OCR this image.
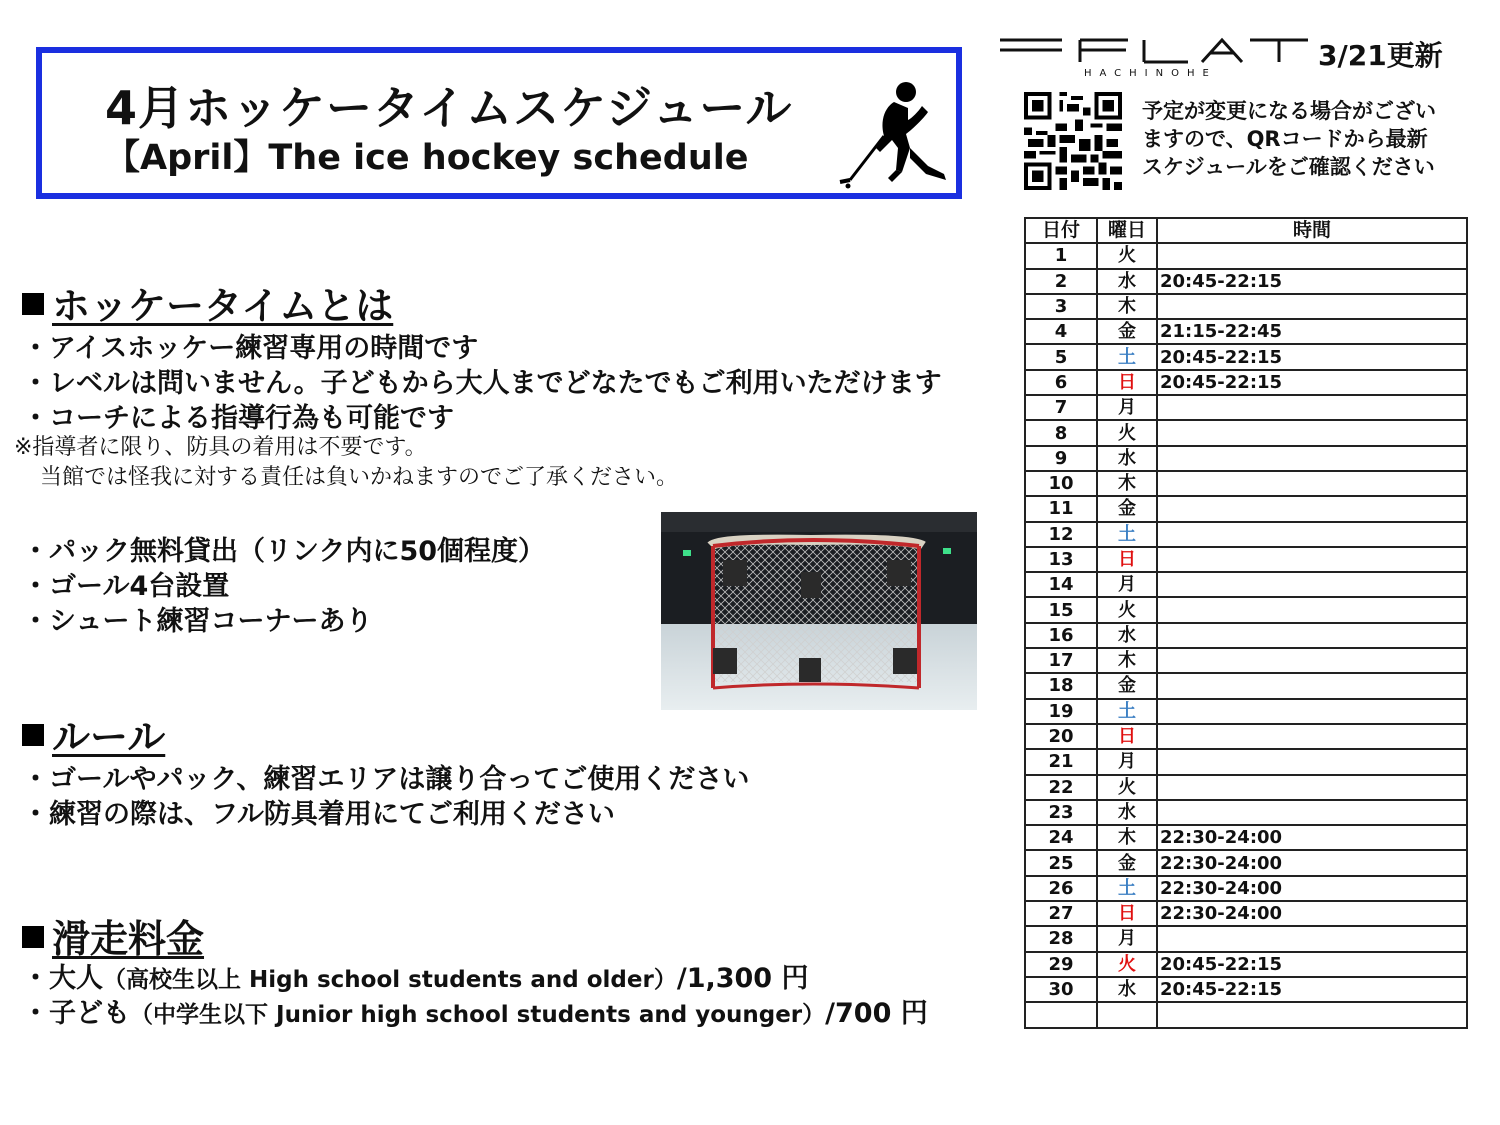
4月ホッケータイムスケジュール
【April】The ice hockey schedule
HACHINOHE
3/21更新
予定が変更になる場合がござい
ますので、QRコードから最新
スケジュールをご確認ください
ホッケータイムとは
・アイスホッケー練習専用の時間です
・レベルは問いません。子どもから大人までどなたでもご利用いただけます
・コーチによる指導行為も可能です
※指導者に限り、防具の着用は不要です。
当館では怪我に対する責任は負いかねますのでご了承ください。
・パック無料貸出（リンク内に50個程度）
・ゴール4台設置
・シュート練習コーナーあり
ルール
・ゴールやパック、練習エリアは譲り合ってご使用ください
・練習の際は、フル防具着用にてご利用ください
滑走料金
・大人（高校生以上 High school students and older）/1,300 円
・子ども（中学生以下 Junior high school students and younger）/700 円
日付	曜日	時間
1	火	
2	水	20:45-22:15
3	木	
4	金	21:15-22:45
5	土	20:45-22:15
6	日	20:45-22:15
7	月	
8	火	
9	水	
10	木	
11	金	
12	土	
13	日	
14	月	
15	火	
16	水	
17	木	
18	金	
19	土	
20	日	
21	月	
22	火	
23	水	
24	木	22:30-24:00
25	金	22:30-24:00
26	土	22:30-24:00
27	日	22:30-24:00
28	月	
29	火	20:45-22:15
30	水	20:45-22:15
